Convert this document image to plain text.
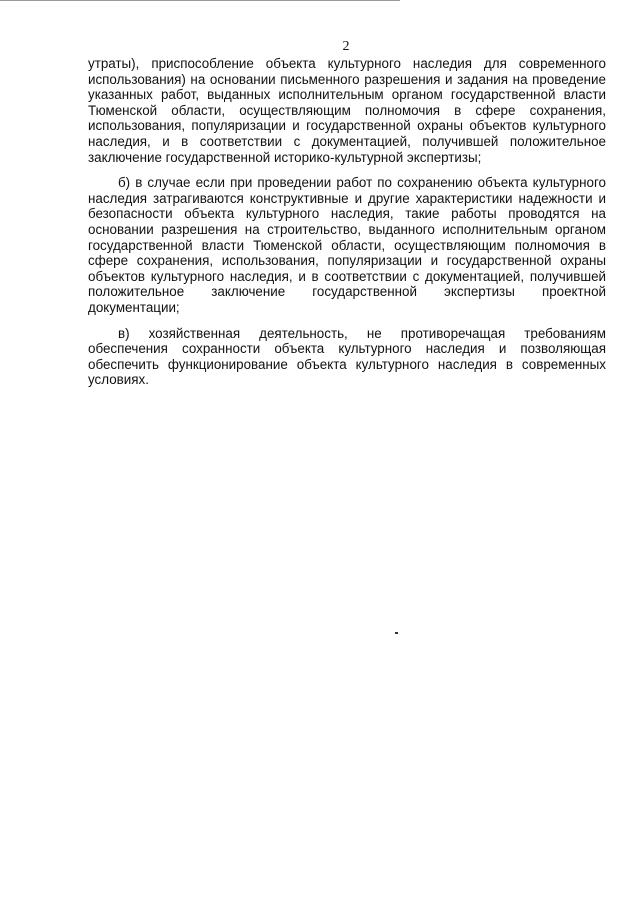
2

утраты), приспособление объекта культурного наследия для современного использования) на основании письменного разрешения и задания на проведение указанных работ, выданных исполнительным органом государственной власти Тюменской области, осуществляющим полномочия в сфере сохранения, использования, популяризации и государственной охраны объектов культурного наследия, и в соответствии с документацией, получившей положительное заключение государственной историко-культурной экспертизы;

б) в случае если при проведении работ по сохранению объекта культурного наследия затрагиваются конструктивные и другие характеристики надежности и безопасности объекта культурного наследия, такие работы проводятся на основании разрешения на строительство, выданного исполнительным органом государственной власти Тюменской области, осуществляющим полномочия в сфере сохранения, использования, популяризации и государственной охраны объектов культурного наследия, и в соответствии с документацией, получившей положительное заключение государственной экспертизы проектной документации;

в) хозяйственная деятельность, не противоречащая требованиям обеспечения сохранности объекта культурного наследия и позволяющая обеспечить функционирование объекта культурного наследия в современных условиях.
